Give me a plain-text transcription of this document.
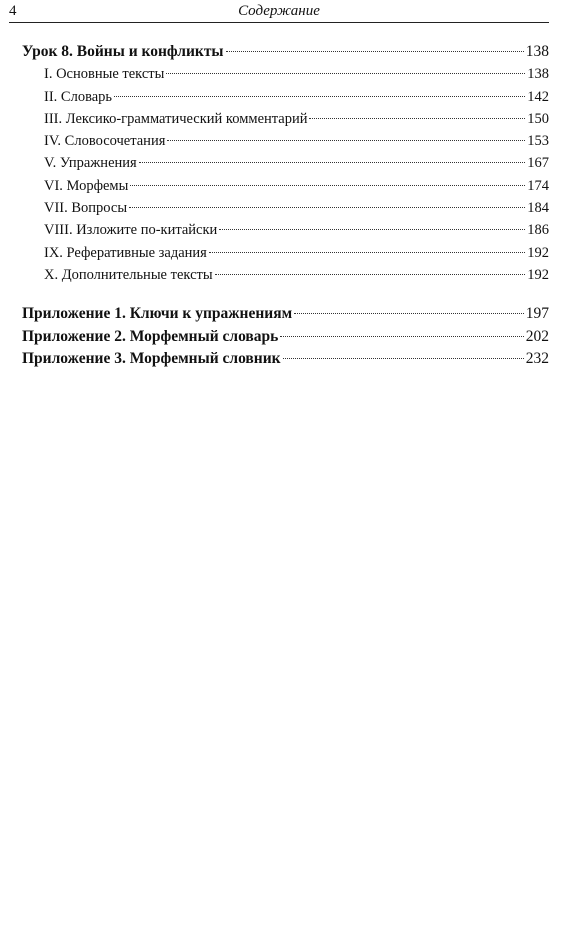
4	Содержание
Урок 8. Войны и конфликты	138
I. Основные тексты	138
II. Словарь	142
III. Лексико-грамматический комментарий	150
IV. Словосочетания	153
V. Упражнения	167
VI. Морфемы	174
VII. Вопросы	184
VIII. Изложите по-китайски	186
IX. Реферативные задания	192
X. Дополнительные тексты	192
Приложение 1. Ключи к упражнениям	197
Приложение 2. Морфемный словарь	202
Приложение 3. Морфемный словник	232
